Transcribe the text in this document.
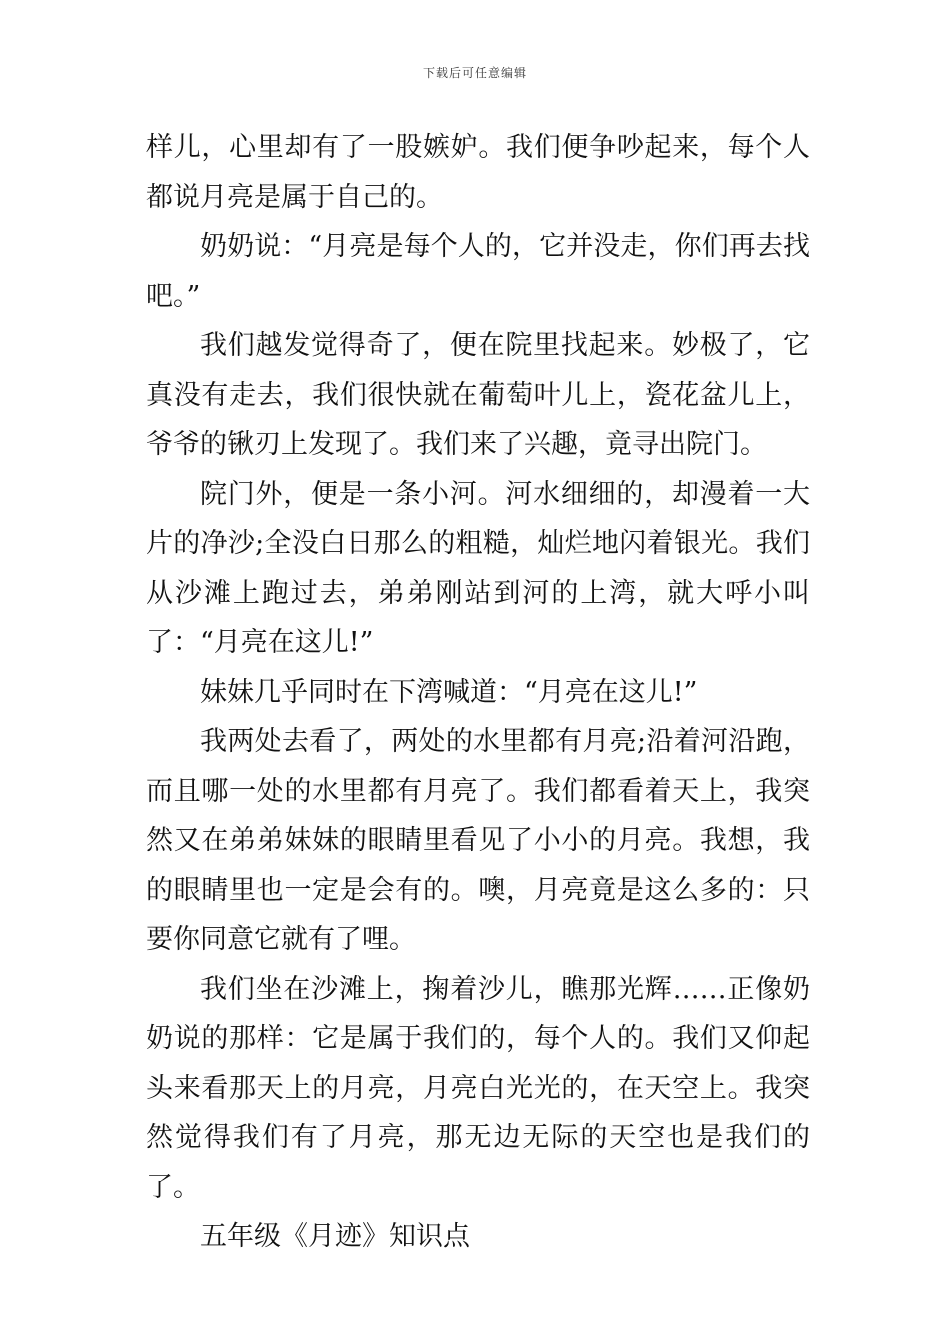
下载后可任意编辑

样儿，心里却有了一股嫉妒。我们便争吵起来，每个人都说月亮是属于自己的。

奶奶说：“月亮是每个人的，它并没走，你们再去找吧。”

我们越发觉得奇了，便在院里找起来。妙极了，它真没有走去，我们很快就在葡萄叶儿上，瓷花盆儿上，爷爷的锹刃上发现了。我们来了兴趣，竟寻出院门。

院门外，便是一条小河。河水细细的，却漫着一大片的净沙;全没白日那么的粗糙，灿烂地闪着银光。我们从沙滩上跑过去，弟弟刚站到河的上湾，就大呼小叫了：“月亮在这儿!”

妹妹几乎同时在下湾喊道：“月亮在这儿!”

我两处去看了，两处的水里都有月亮;沿着河沿跑，而且哪一处的水里都有月亮了。我们都看着天上，我突然又在弟弟妹妹的眼睛里看见了小小的月亮。我想，我的眼睛里也一定是会有的。噢，月亮竟是这么多的：只要你同意它就有了哩。

我们坐在沙滩上，掬着沙儿，瞧那光辉……正像奶奶说的那样：它是属于我们的，每个人的。我们又仰起头来看那天上的月亮，月亮白光光的，在天空上。我突然觉得我们有了月亮，那无边无际的天空也是我们的了。

五年级《月迹》知识点
